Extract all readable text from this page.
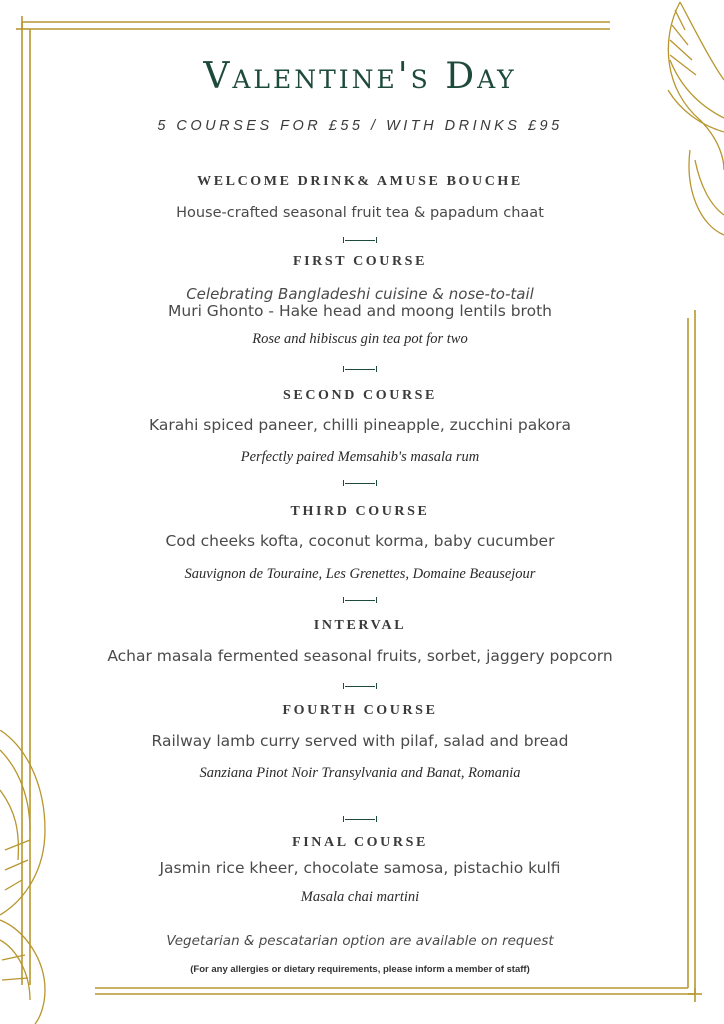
Valentine's Day
5 COURSES FOR £55 / WITH DRINKS £95
WELCOME DRINK& AMUSE BOUCHE
House-crafted seasonal fruit tea & papadum chaat
FIRST COURSE
Celebrating Bangladeshi cuisine & nose-to-tail
Muri Ghonto - Hake head and moong lentils broth
Rose and hibiscus gin tea pot for two
SECOND COURSE
Karahi spiced paneer, chilli pineapple, zucchini pakora
Perfectly paired Memsahib's masala rum
THIRD COURSE
Cod cheeks kofta, coconut korma, baby cucumber
Sauvignon de Touraine, Les Grenettes, Domaine Beausejour
INTERVAL
Achar masala fermented seasonal fruits, sorbet, jaggery popcorn
FOURTH COURSE
Railway lamb curry served with pilaf, salad and bread
Sanziana Pinot Noir Transylvania and Banat, Romania
FINAL COURSE
Jasmin rice kheer, chocolate samosa, pistachio kulfi
Masala chai martini
Vegetarian & pescatarian option are available on request
(For any allergies or dietary requirements, please inform a member of staff)
